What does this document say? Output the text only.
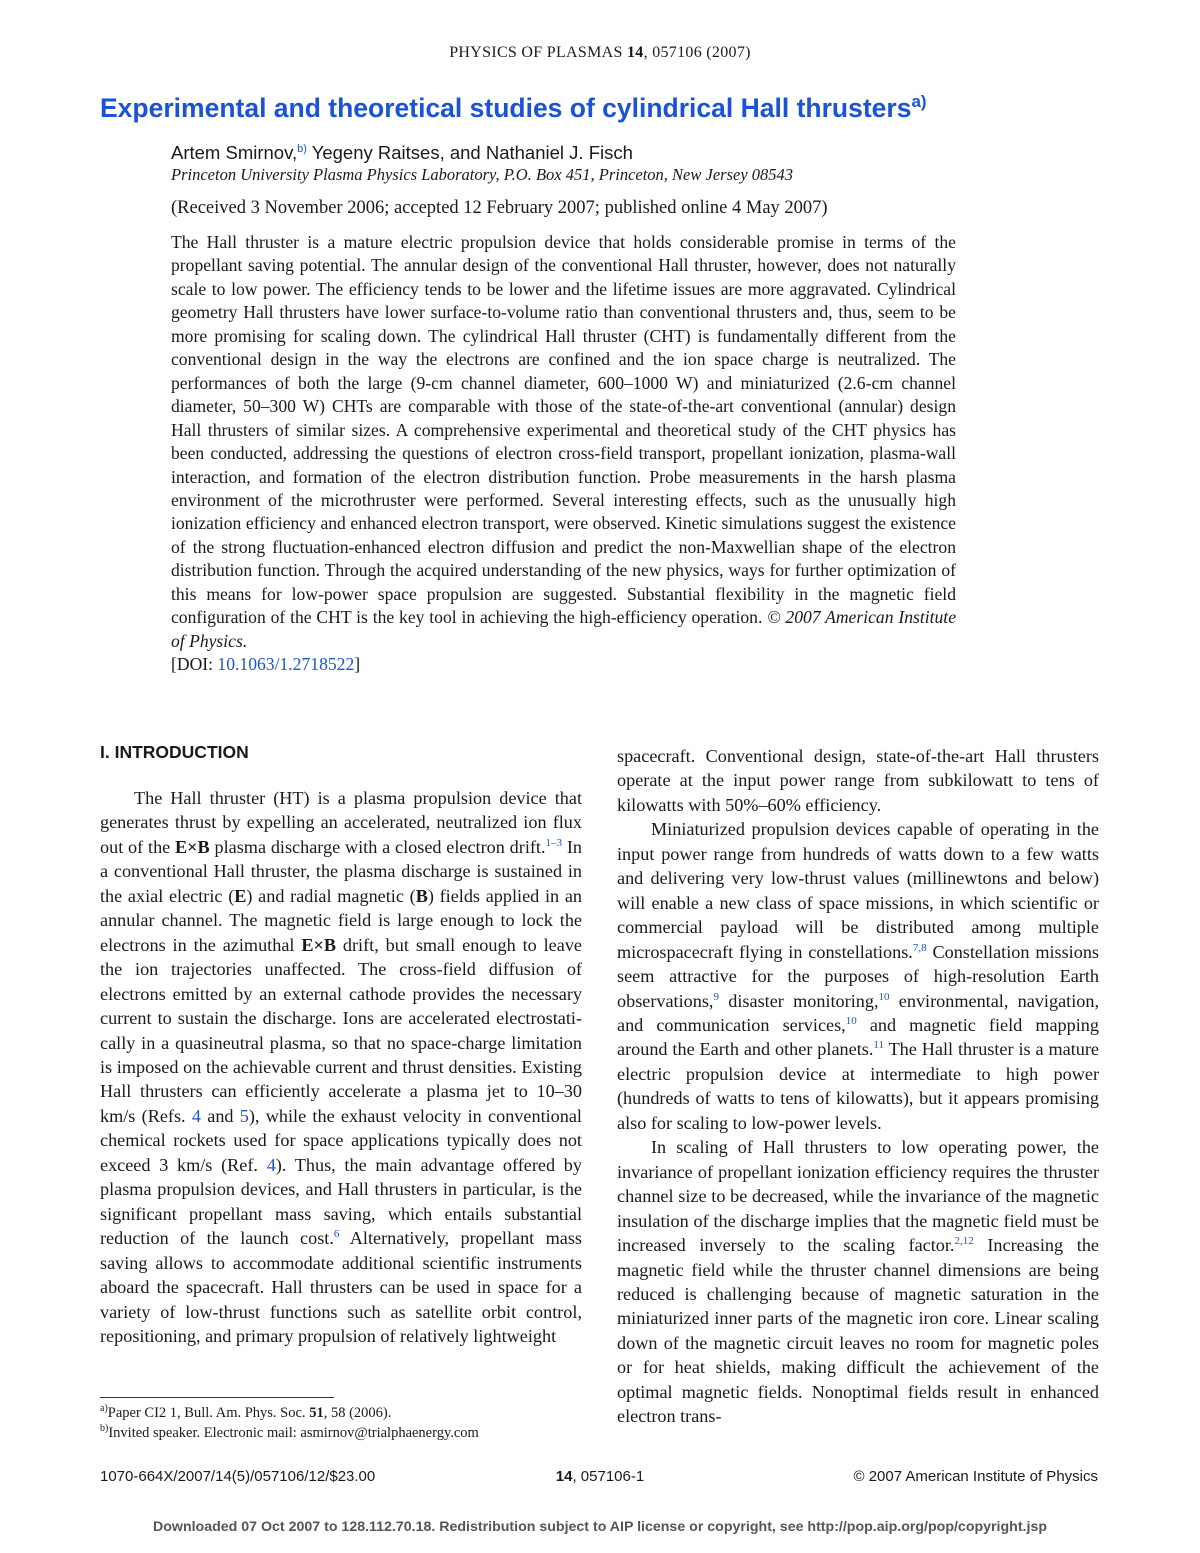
PHYSICS OF PLASMAS 14, 057106 (2007)
Experimental and theoretical studies of cylindrical Hall thrusters$^{a)}$
Artem Smirnov,$^{b)}$ Yegeny Raitses, and Nathaniel J. Fisch
Princeton University Plasma Physics Laboratory, P.O. Box 451, Princeton, New Jersey 08543
(Received 3 November 2006; accepted 12 February 2007; published online 4 May 2007)
The Hall thruster is a mature electric propulsion device that holds considerable promise in terms of the propellant saving potential. The annular design of the conventional Hall thruster, however, does not naturally scale to low power. The efficiency tends to be lower and the lifetime issues are more aggravated. Cylindrical geometry Hall thrusters have lower surface-to-volume ratio than conventional thrusters and, thus, seem to be more promising for scaling down. The cylindrical Hall thruster (CHT) is fundamentally different from the conventional design in the way the electrons are confined and the ion space charge is neutralized. The performances of both the large (9-cm channel diameter, 600–1000 W) and miniaturized (2.6-cm channel diameter, 50–300 W) CHTs are comparable with those of the state-of-the-art conventional (annular) design Hall thrusters of similar sizes. A comprehensive experimental and theoretical study of the CHT physics has been conducted, addressing the questions of electron cross-field transport, propellant ionization, plasma-wall interaction, and formation of the electron distribution function. Probe measurements in the harsh plasma environment of the microthruster were performed. Several interesting effects, such as the unusually high ionization efficiency and enhanced electron transport, were observed. Kinetic simulations suggest the existence of the strong fluctuation-enhanced electron diffusion and predict the non-Maxwellian shape of the electron distribution function. Through the acquired understanding of the new physics, ways for further optimization of this means for low-power space propulsion are suggested. Substantial flexibility in the magnetic field configuration of the CHT is the key tool in achieving the high-efficiency operation. © 2007 American Institute of Physics.
[DOI: 10.1063/1.2718522]
I. INTRODUCTION

The Hall thruster (HT) is a plasma propulsion device that generates thrust by expelling an accelerated, neutralized ion flux out of the E×B plasma discharge with a closed electron drift.$^{1-3}$ In a conventional Hall thruster, the plasma discharge is sustained in the axial electric (E) and radial magnetic (B) fields applied in an annular channel. The magnetic field is large enough to lock the electrons in the azimuthal E×B drift, but small enough to leave the ion trajectories unaffected. The cross-field diffusion of electrons emitted by an external cathode provides the necessary current to sustain the discharge. Ions are accelerated electrostatically in a quasineutral plasma, so that no space-charge limitation is imposed on the achievable current and thrust densities. Existing Hall thrusters can efficiently accelerate a plasma jet to 10–30 km/s (Refs. 4 and 5), while the exhaust velocity in conventional chemical rockets used for space applications typically does not exceed 3 km/s (Ref. 4). Thus, the main advantage offered by plasma propulsion devices, and Hall thrusters in particular, is the significant propellant mass saving, which entails substantial reduction of the launch cost.$^6$ Alternatively, propellant mass saving allows to accommodate additional scientific instruments aboard the spacecraft. Hall thrusters can be used in space for a variety of low-thrust functions such as satellite orbit control, repositioning, and primary propulsion of relatively lightweight

spacecraft. Conventional design, state-of-the-art Hall thrusters operate at the input power range from subkilowatt to tens of kilowatts with 50%–60% efficiency.

Miniaturized propulsion devices capable of operating in the input power range from hundreds of watts down to a few watts and delivering very low-thrust values (millinewtons and below) will enable a new class of space missions, in which scientific or commercial payload will be distributed among multiple microspacecraft flying in constellations.$^{7,8}$ Constellation missions seem attractive for the purposes of high-resolution Earth observations,$^9$ disaster monitoring,$^{10}$ environmental, navigation, and communication services,$^{10}$ and magnetic field mapping around the Earth and other planets.$^{11}$ The Hall thruster is a mature electric propulsion device at intermediate to high power (hundreds of watts to tens of kilowatts), but it appears promising also for scaling to low-power levels.

In scaling of Hall thrusters to low operating power, the invariance of propellant ionization efficiency requires the thruster channel size to be decreased, while the invariance of the magnetic insulation of the discharge implies that the magnetic field must be increased inversely to the scaling factor.$^{2,12}$ Increasing the magnetic field while the thruster channel dimensions are being reduced is challenging because of magnetic saturation in the miniaturized inner parts of the magnetic iron core. Linear scaling down of the magnetic circuit leaves no room for magnetic poles or for heat shields, making difficult the achievement of the optimal magnetic fields. Nonoptimal fields result in enhanced electron trans-

$^{a)}$Paper CI2 1, Bull. Am. Phys. Soc. 51, 58 (2006).
$^{b)}$Invited speaker. Electronic mail: asmirnov@trialphaenergy.com
1070-664X/2007/14(5)/057106/12/$23.00	14, 057106-1	© 2007 American Institute of Physics
Downloaded 07 Oct 2007 to 128.112.70.18. Redistribution subject to AIP license or copyright, see http://pop.aip.org/pop/copyright.jsp
